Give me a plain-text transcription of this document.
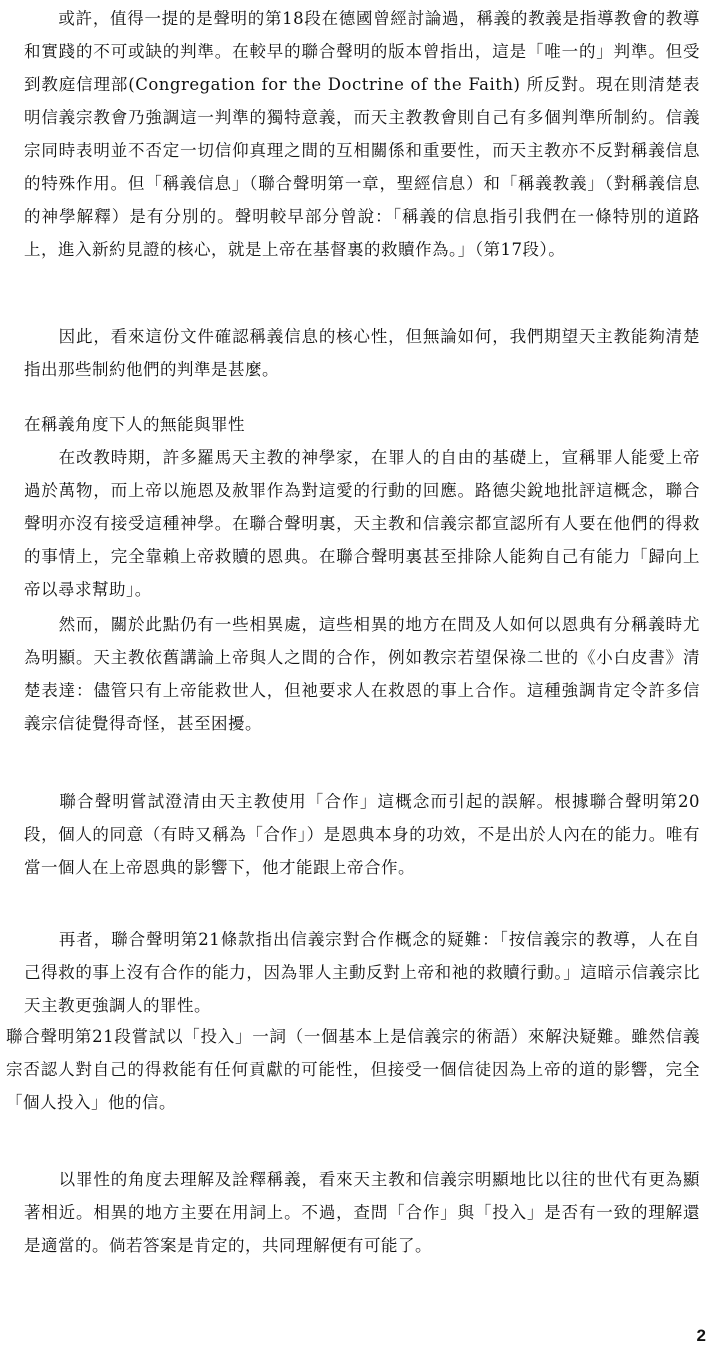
　　或許，值得一提的是聲明的第18段在德國曾經討論過，稱義的教義是指導教會的教導和實踐的不可或缺的判準。在較早的聯合聲明的版本曾指出，這是「唯一的」判準。但受到教庭信理部(Congregation for the Doctrine of the Faith) 所反對。現在則清楚表明信義宗教會乃強調這一判準的獨特意義，而天主教教會則自己有多個判準所制約。信義宗同時表明並不否定一切信仰真理之間的互相關係和重要性，而天主教亦不反對稱義信息的特殊作用。但「稱義信息」（聯合聲明第一章，聖經信息）和「稱義教義」（對稱義信息的神學解釋）是有分別的。聲明較早部分曾說：「稱義的信息指引我們在一條特別的道路上，進入新約見證的核心，就是上帝在基督裏的救贖作為。」（第17段）。

　　因此，看來這份文件確認稱義信息的核心性，但無論如何，我們期望天主教能夠清楚指出那些制約他們的判準是甚麼。

在稱義角度下人的無能與罪性

　　在改教時期，許多羅馬天主教的神學家，在罪人的自由的基礎上，宣稱罪人能愛上帝過於萬物，而上帝以施恩及赦罪作為對這愛的行動的回應。路德尖銳地批評這概念，聯合聲明亦沒有接受這種神學。在聯合聲明裏，天主教和信義宗都宣認所有人要在他們的得救的事情上，完全靠賴上帝救贖的恩典。在聯合聲明裏甚至排除人能夠自己有能力「歸向上帝以尋求幫助」。

　　然而，關於此點仍有一些相異處，這些相異的地方在問及人如何以恩典有分稱義時尤為明顯。天主教依舊講論上帝與人之間的合作，例如教宗若望保祿二世的《小白皮書》清楚表達：儘管只有上帝能救世人，但祂要求人在救恩的事上合作。這種強調肯定令許多信義宗信徒覺得奇怪，甚至困擾。

　　聯合聲明嘗試澄清由天主教使用「合作」這概念而引起的誤解。根據聯合聲明第20段，個人的同意（有時又稱為「合作」）是恩典本身的功效，不是出於人內在的能力。唯有當一個人在上帝恩典的影響下，他才能跟上帝合作。

　　再者，聯合聲明第21條款指出信義宗對合作概念的疑難：「按信義宗的教導，人在自己得救的事上沒有合作的能力，因為罪人主動反對上帝和祂的救贖行動。」這暗示信義宗比天主教更強調人的罪性。

聯合聲明第21段嘗試以「投入」一詞（一個基本上是信義宗的術語）來解決疑難。雖然信義宗否認人對自己的得救能有任何貢獻的可能性，但接受一個信徒因為上帝的道的影響，完全「個人投入」他的信。

　　以罪性的角度去理解及詮釋稱義，看來天主教和信義宗明顯地比以往的世代有更為顯著相近。相異的地方主要在用詞上。不過，查問「合作」與「投入」是否有一致的理解還是適當的。倘若答案是肯定的，共同理解便有可能了。

2
